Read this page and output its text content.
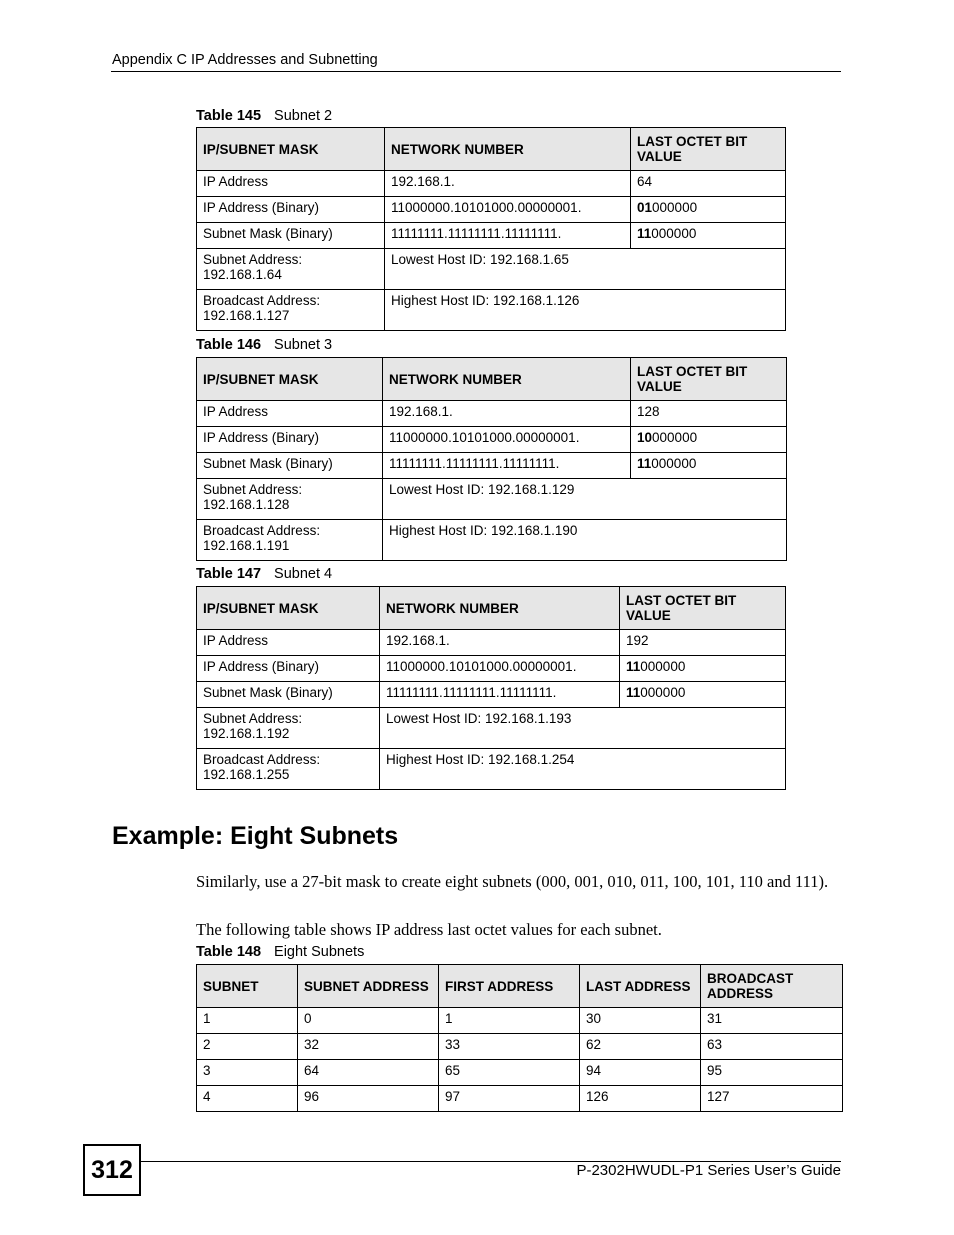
Appendix C IP Addresses and Subnetting
Table 145 Subnet 2
IP/SUBNET MASK	NETWORK NUMBER	LAST OCTET BIT VALUE
IP Address	192.168.1.	64
IP Address (Binary)	11000000.10101000.00000001.	01000000
Subnet Mask (Binary)	11111111.11111111.11111111.	11000000
Subnet Address:
192.168.1.64	Lowest Host ID: 192.168.1.65	
Broadcast Address:
192.168.1.127	Highest Host ID: 192.168.1.126	
Table 146 Subnet 3
IP/SUBNET MASK	NETWORK NUMBER	LAST OCTET BIT VALUE
IP Address	192.168.1.	128
IP Address (Binary)	11000000.10101000.00000001.	10000000
Subnet Mask (Binary)	11111111.11111111.11111111.	11000000
Subnet Address:
192.168.1.128	Lowest Host ID: 192.168.1.129	
Broadcast Address:
192.168.1.191	Highest Host ID: 192.168.1.190	
Table 147 Subnet 4
IP/SUBNET MASK	NETWORK NUMBER	LAST OCTET BIT VALUE
IP Address	192.168.1.	192
IP Address (Binary)	11000000.10101000.00000001.	11000000
Subnet Mask (Binary)	11111111.11111111.11111111.	11000000
Subnet Address:
192.168.1.192	Lowest Host ID: 192.168.1.193	
Broadcast Address:
192.168.1.255	Highest Host ID: 192.168.1.254	
Example: Eight Subnets
Similarly, use a 27-bit mask to create eight subnets (000, 001, 010, 011, 100, 101, 110 and 111).
The following table shows IP address last octet values for each subnet.
Table 148 Eight Subnets
SUBNET	SUBNET ADDRESS	FIRST ADDRESS	LAST ADDRESS	BROADCAST ADDRESS
1	0	1	30	31
2	32	33	62	63
3	64	65	94	95
4	96	97	126	127
312	P-2302HWUDL-P1 Series User’s Guide
